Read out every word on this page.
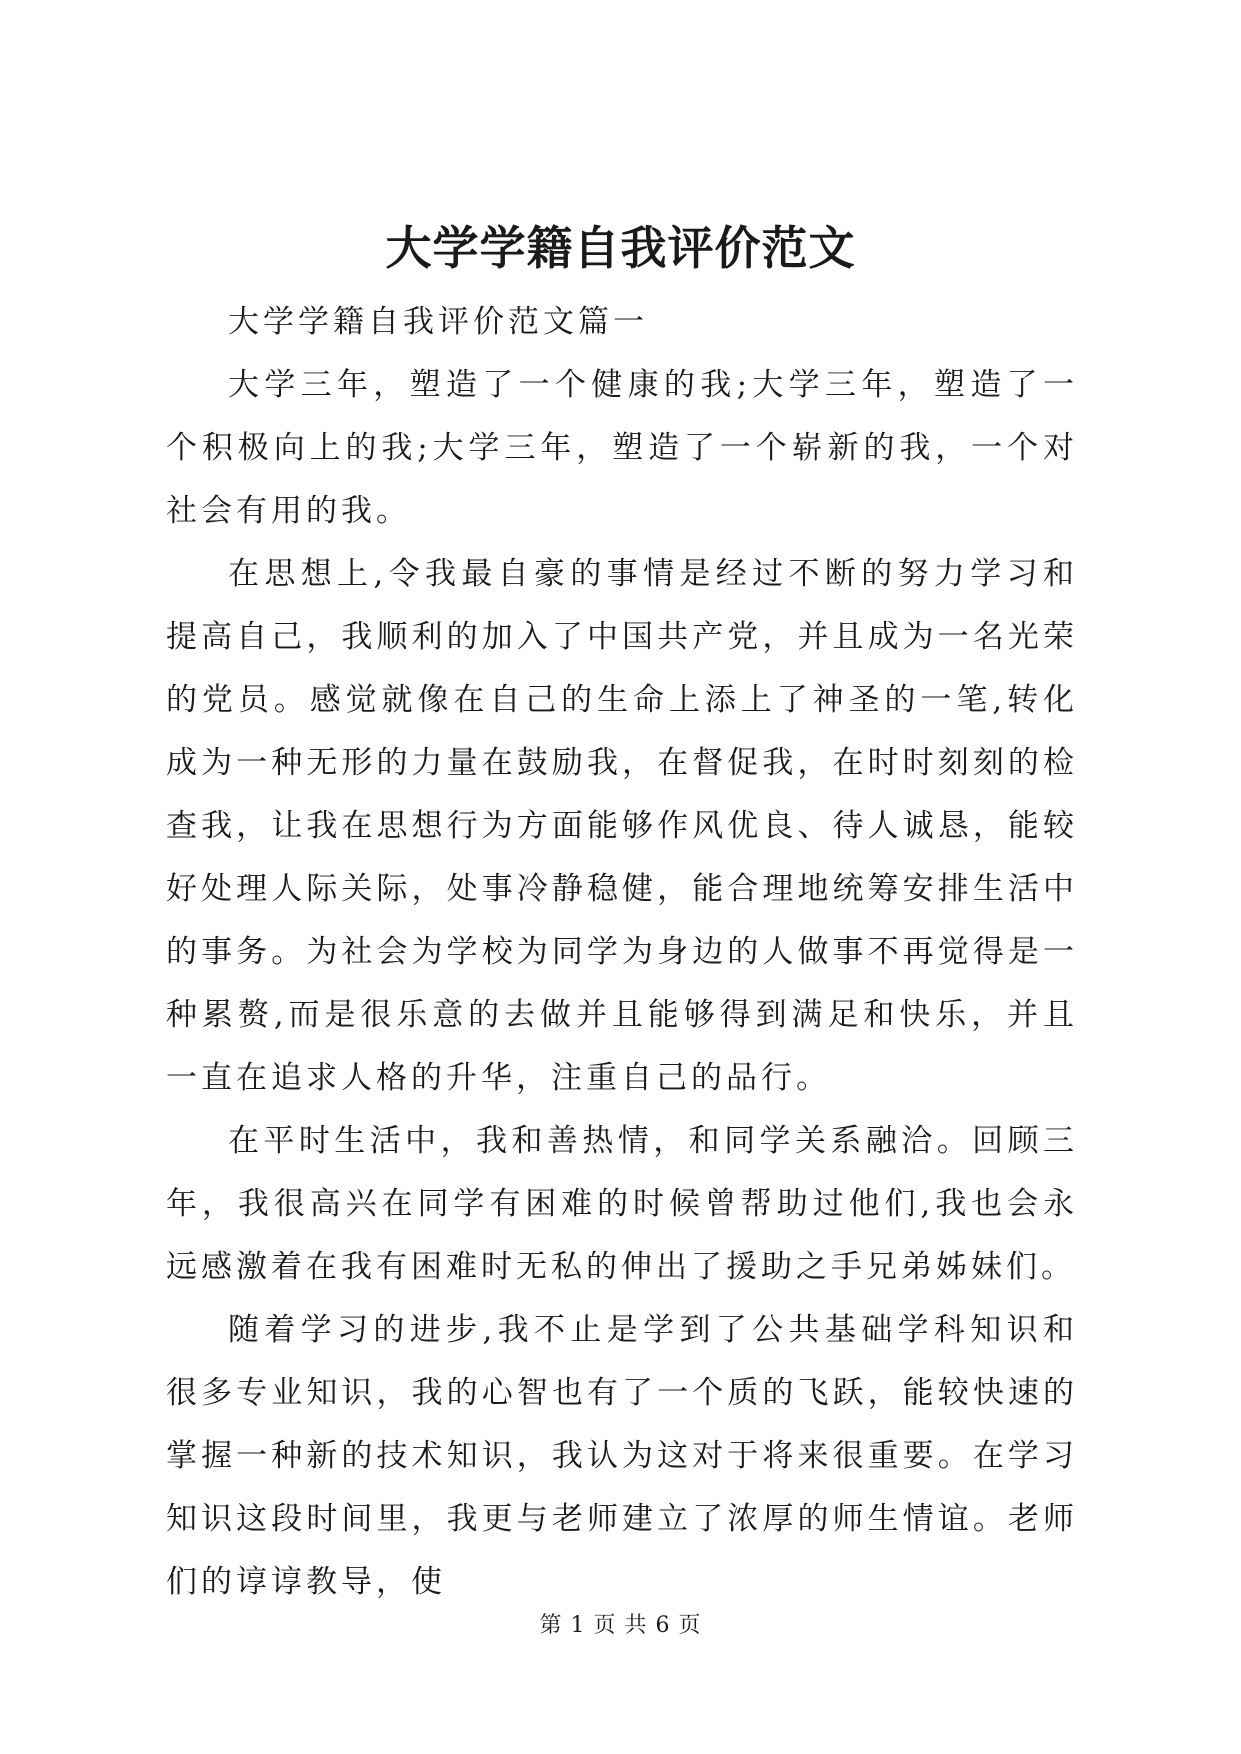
大学学籍自我评价范文

大学学籍自我评价范文篇一

大学三年，塑造了一个健康的我;大学三年，塑造了一个积极向上的我;大学三年，塑造了一个崭新的我，一个对社会有用的我。

在思想上,令我最自豪的事情是经过不断的努力学习和提高自己，我顺利的加入了中国共产党，并且成为一名光荣的党员。感觉就像在自己的生命上添上了神圣的一笔,转化成为一种无形的力量在鼓励我，在督促我，在时时刻刻的检查我，让我在思想行为方面能够作风优良、待人诚恳，能较好处理人际关际，处事冷静稳健，能合理地统筹安排生活中的事务。为社会为学校为同学为身边的人做事不再觉得是一种累赘,而是很乐意的去做并且能够得到满足和快乐，并且一直在追求人格的升华，注重自己的品行。

在平时生活中，我和善热情，和同学关系融洽。回顾三年，我很高兴在同学有困难的时候曾帮助过他们,我也会永远感激着在我有困难时无私的伸出了援助之手兄弟姊妹们。

随着学习的进步,我不止是学到了公共基础学科知识和很多专业知识，我的心智也有了一个质的飞跃，能较快速的掌握一种新的技术知识，我认为这对于将来很重要。在学习知识这段时间里，我更与老师建立了浓厚的师生情谊。老师们的谆谆教导，使

第 1 页 共 6 页
